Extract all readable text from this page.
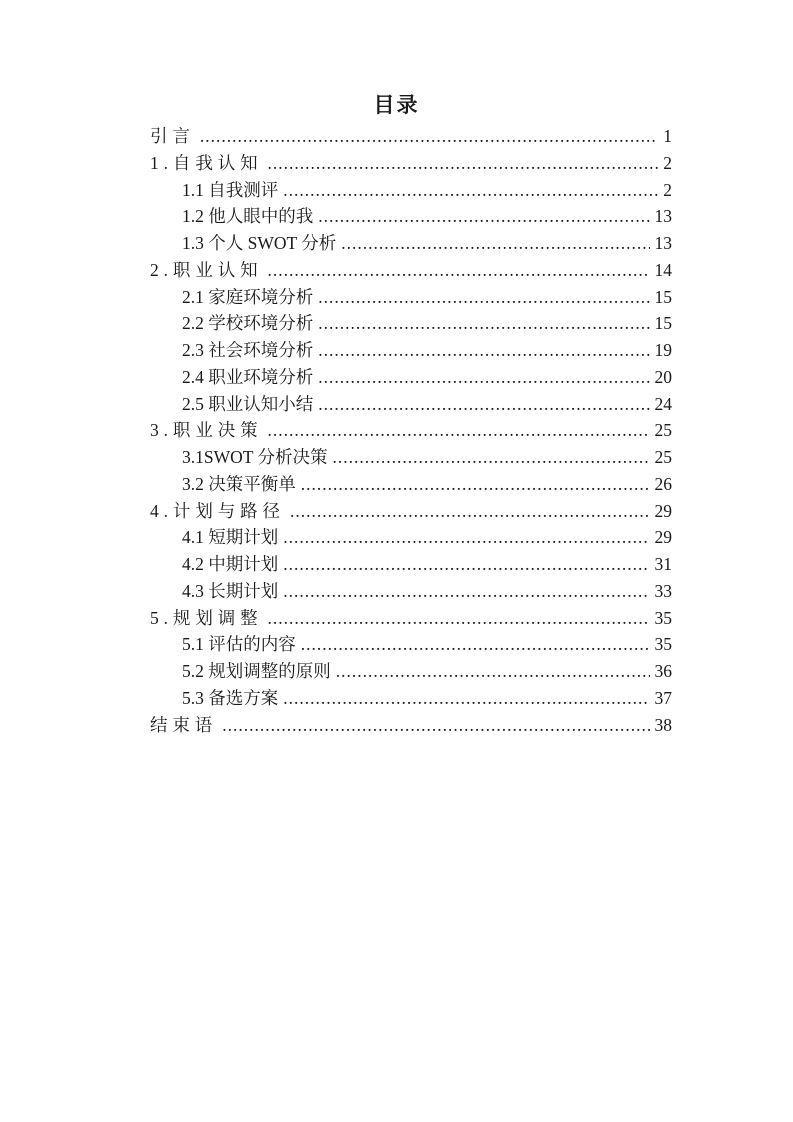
目录
引言 .....	1
1.自我认知 .....	2
1.1 自我测评 .....	2
1.2 他人眼中的我 .....	13
1.3 个人 SWOT 分析 .....	13
2.职业认知 .....	14
2.1 家庭环境分析 .....	15
2.2 学校环境分析 .....	15
2.3 社会环境分析 .....	19
2.4 职业环境分析 .....	20
2.5 职业认知小结 .....	24
3.职业决策 .....	25
3.1SWOT 分析决策 .....	25
3.2 决策平衡单 .....	26
4.计划与路径 .....	29
4.1 短期计划 .....	29
4.2 中期计划 .....	31
4.3 长期计划 .....	33
5.规划调整 .....	35
5.1 评估的内容 .....	35
5.2 规划调整的原则 .....	36
5.3 备选方案 .....	37
结束语 .....	38
